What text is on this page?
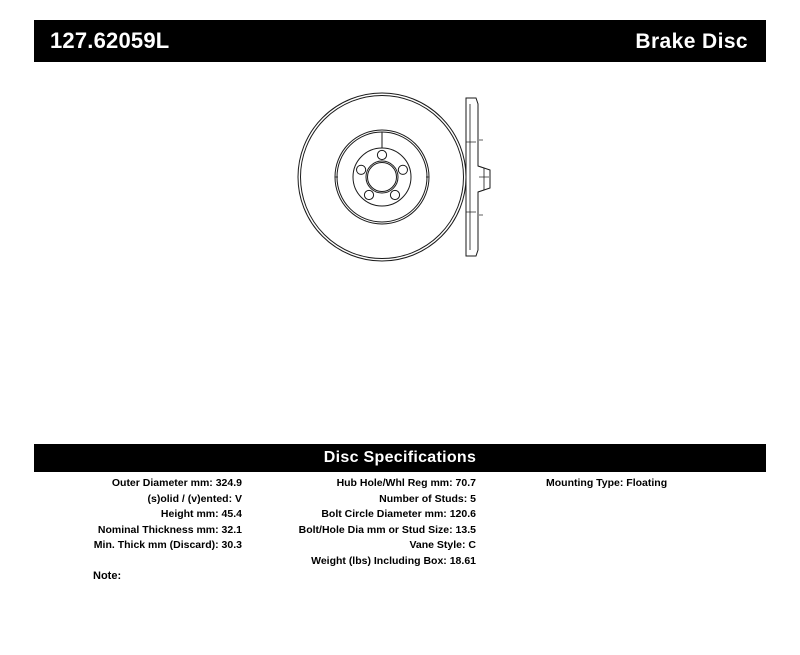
127.62059L	Brake Disc
Disc Specifications
Outer Diameter mm: 324.9
(s)olid / (v)ented: V
Height mm: 45.4
Nominal Thickness mm: 32.1
Min. Thick mm (Discard): 30.3
Hub Hole/Whl Reg mm: 70.7
Number of Studs: 5
Bolt Circle Diameter mm: 120.6
Bolt/Hole Dia mm or Stud Size: 13.5
Vane Style: C
Weight (lbs) Including Box: 18.61
Mounting Type: Floating
Note:
